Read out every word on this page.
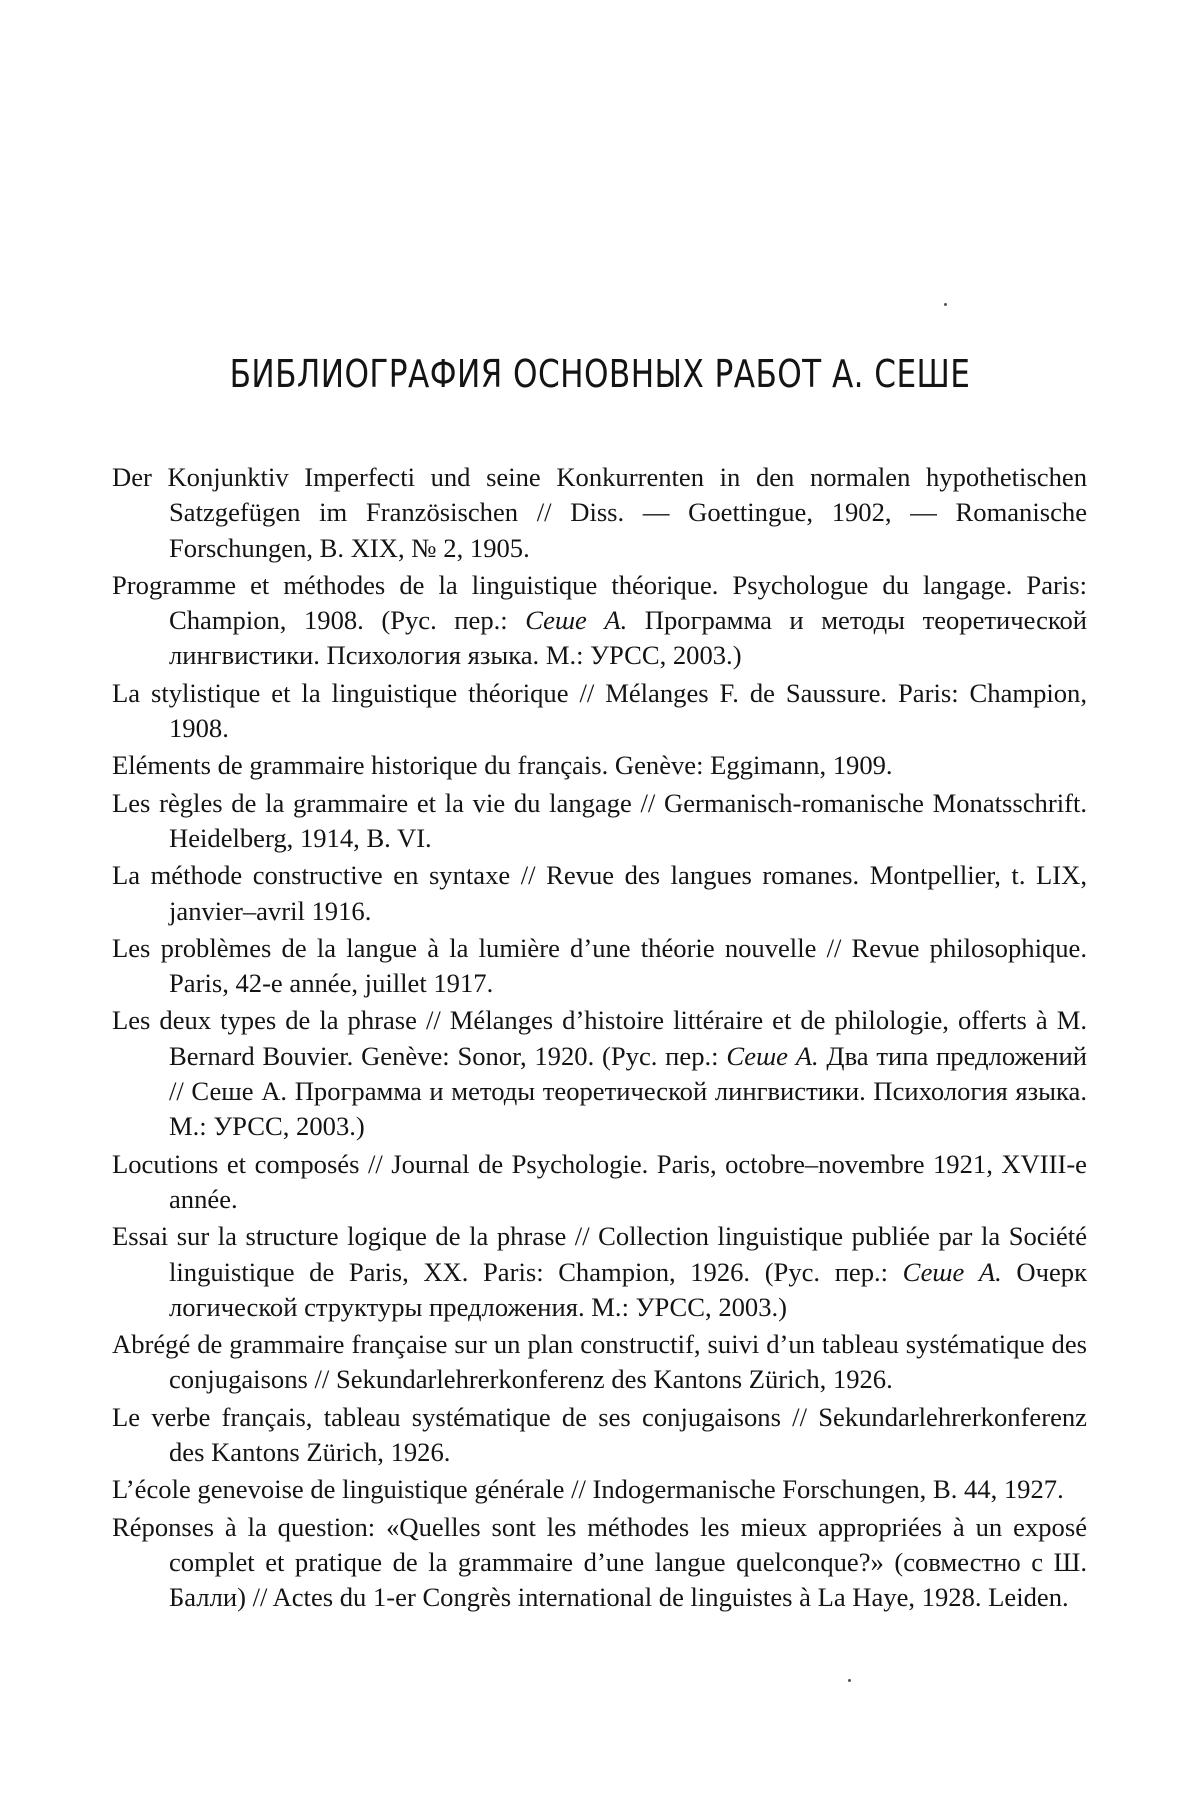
БИБЛИОГРАФИЯ ОСНОВНЫХ РАБОТ А. СЕШЕ
Der Konjunktiv Imperfecti und seine Konkurrenten in den normalen hypothetischen Satzgefügen im Französischen // Diss. — Goettingue, 1902, — Romanische Forschungen, B. XIX, № 2, 1905.
Programme et méthodes de la linguistique théorique. Psychologue du langage. Paris: Champion, 1908. (Рус. пер.: Сеше А. Программа и методы теоретической лингвистики. Психология языка. М.: УРСС, 2003.)
La stylistique et la linguistique théorique // Mélanges F. de Saussure. Paris: Champion, 1908.
Eléments de grammaire historique du français. Genève: Eggimann, 1909.
Les règles de la grammaire et la vie du langage // Germanisch-romanische Monatsschrift. Heidelberg, 1914, B. VI.
La méthode constructive en syntaxe // Revue des langues romanes. Montpellier, t. LIX, janvier–avril 1916.
Les problèmes de la langue à la lumière d’une théorie nouvelle // Revue philosophique. Paris, 42-e année, juillet 1917.
Les deux types de la phrase // Mélanges d’histoire littéraire et de philologie, offerts à M. Bernard Bouvier. Genève: Sonor, 1920. (Рус. пер.: Сеше А. Два типа предложений // Сеше А. Программа и методы теоретической лингвистики. Психология языка. М.: УРСС, 2003.)
Locutions et composés // Journal de Psychologie. Paris, octobre–novembre 1921, XVIII-e année.
Essai sur la structure logique de la phrase // Collection linguistique publiée par la Société linguistique de Paris, XX. Paris: Champion, 1926. (Рус. пер.: Сеше А. Очерк логической структуры предложения. М.: УРСС, 2003.)
Abrégé de grammaire française sur un plan constructif, suivi d’un tableau systématique des conjugaisons // Sekundarlehrerkonferenz des Kantons Zürich, 1926.
Le verbe français, tableau systématique de ses conjugaisons // Sekundarlehrerkonferenz des Kantons Zürich, 1926.
L’école genevoise de linguistique générale // Indogermanische Forschungen, B. 44, 1927.
Réponses à la question: «Quelles sont les méthodes les mieux appropriées à un exposé complet et pratique de la grammaire d’une langue quelconque?» (совместно с Ш. Балли) // Actes du 1-er Congrès international de linguistes à La Haye, 1928. Leiden.
